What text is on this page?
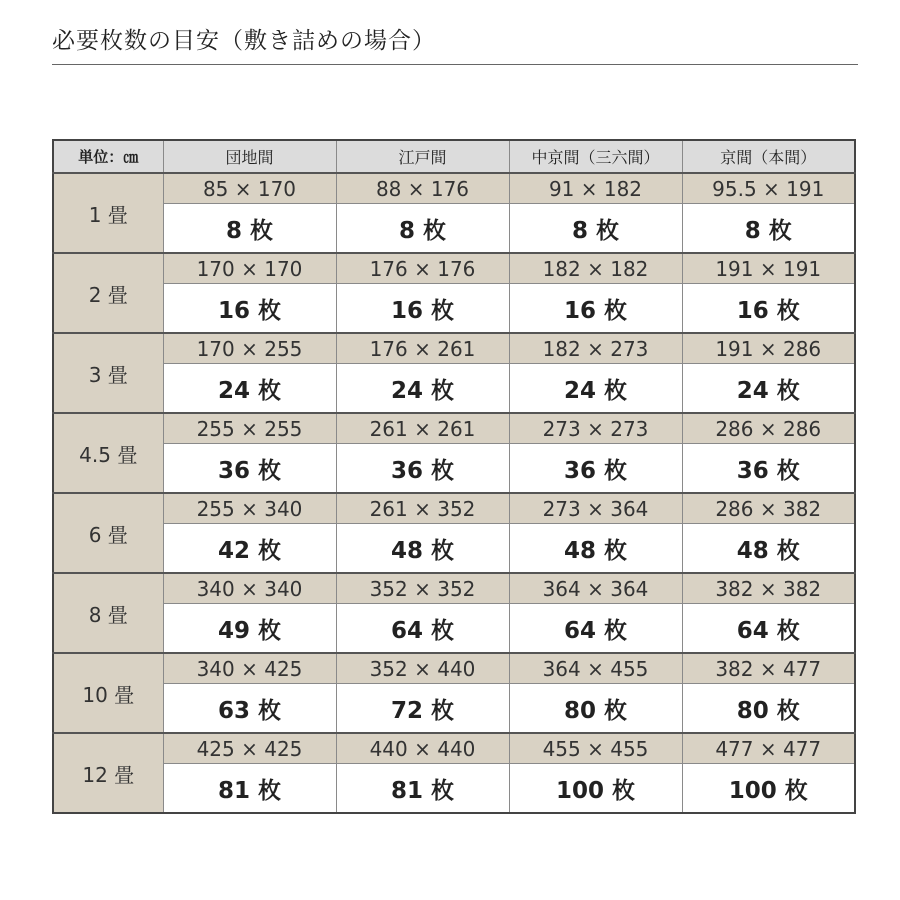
必要枚数の目安（敷き詰めの場合）
単位：㎝	団地間	江戸間	中京間（三六間）	京間（本間）
1 畳	85 × 170	88 × 176	91 × 182	95.5 × 191
	8 枚	8 枚	8 枚	8 枚
2 畳	170 × 170	176 × 176	182 × 182	191 × 191
	16 枚	16 枚	16 枚	16 枚
3 畳	170 × 255	176 × 261	182 × 273	191 × 286
	24 枚	24 枚	24 枚	24 枚
4.5 畳	255 × 255	261 × 261	273 × 273	286 × 286
	36 枚	36 枚	36 枚	36 枚
6 畳	255 × 340	261 × 352	273 × 364	286 × 382
	42 枚	48 枚	48 枚	48 枚
8 畳	340 × 340	352 × 352	364 × 364	382 × 382
	49 枚	64 枚	64 枚	64 枚
10 畳	340 × 425	352 × 440	364 × 455	382 × 477
	63 枚	72 枚	80 枚	80 枚
12 畳	425 × 425	440 × 440	455 × 455	477 × 477
	81 枚	81 枚	100 枚	100 枚
